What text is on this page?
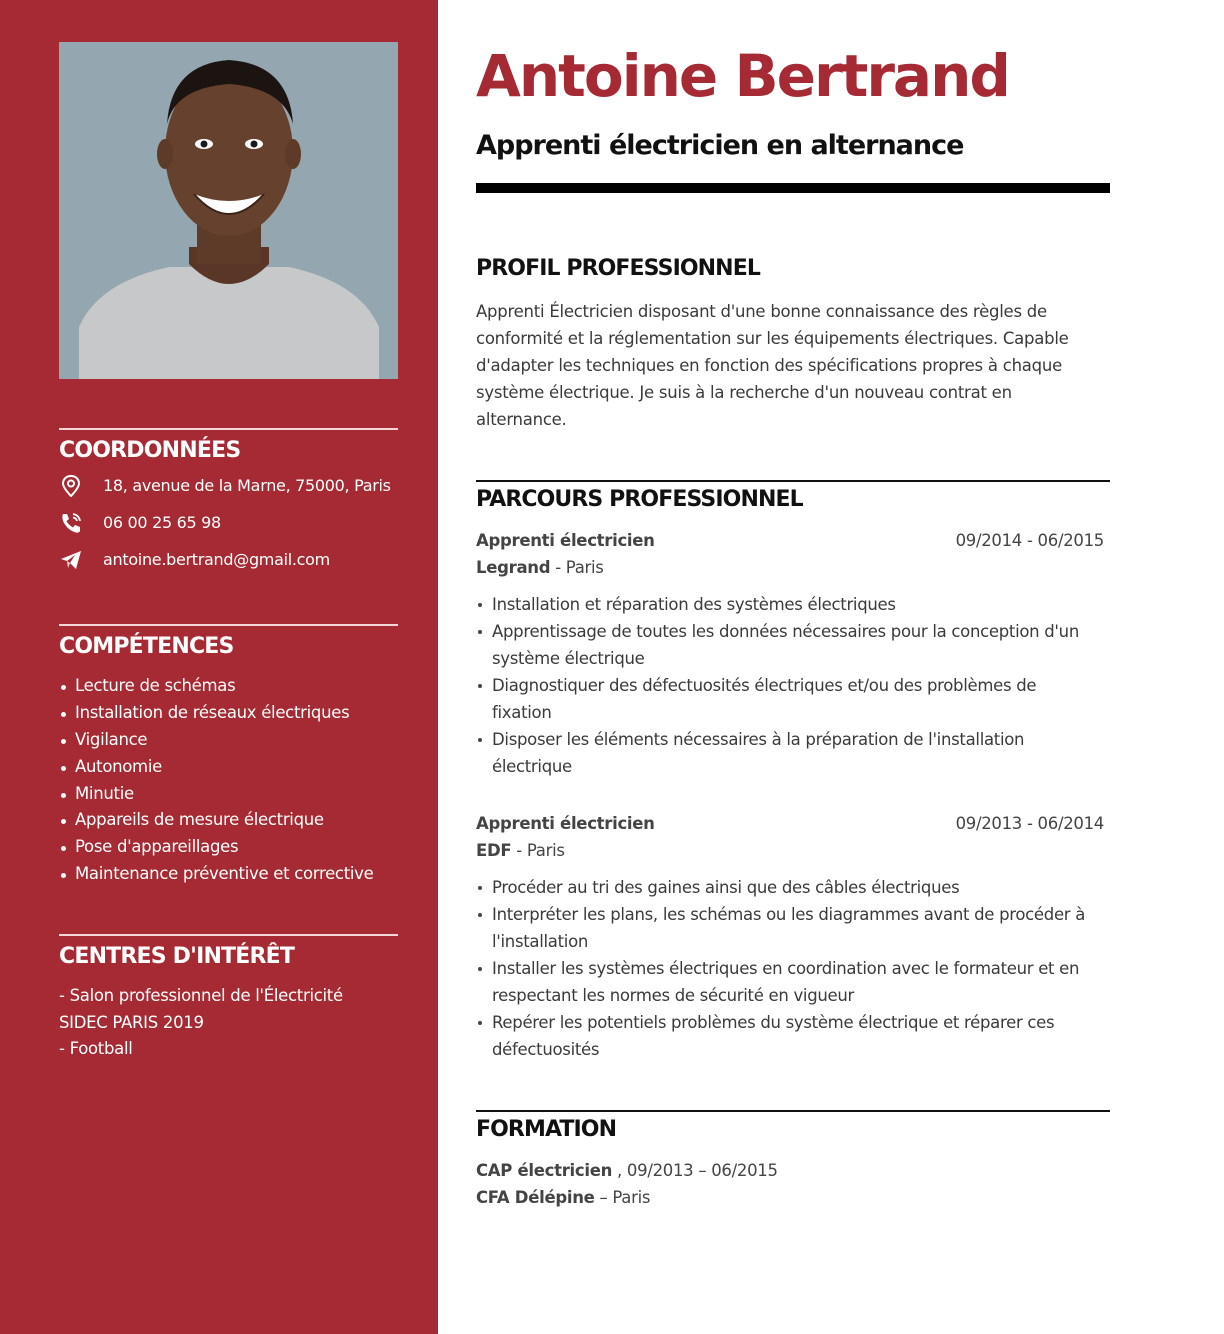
COORDONNÉES
18, avenue de la Marne, 75000, Paris
06 00 25 65 98
antoine.bertrand@gmail.com
COMPÉTENCES
Lecture de schémas
Installation de réseaux électriques
Vigilance
Autonomie
Minutie
Appareils de mesure électrique
Pose d'appareillages
Maintenance préventive et corrective
CENTRES D'INTÉRÊT
- Salon professionnel de l'Électricité
SIDEC PARIS 2019
- Football
Antoine Bertrand
Apprenti électricien en alternance
PROFIL PROFESSIONNEL
Apprenti Électricien disposant d'une bonne connaissance des règles de conformité et la réglementation sur les équipements électriques. Capable d'adapter les techniques en fonction des spécifications propres à chaque système électrique. Je suis à la recherche d'un nouveau contrat en alternance.
PARCOURS PROFESSIONNEL
Apprenti électricien	09/2014 - 06/2015
Legrand - Paris
Installation et réparation des systèmes électriques
Apprentissage de toutes les données nécessaires pour la conception d'un système électrique
Diagnostiquer des défectuosités électriques et/ou des problèmes de fixation
Disposer les éléments nécessaires à la préparation de l'installation électrique
Apprenti électricien	09/2013 - 06/2014
EDF - Paris
Procéder au tri des gaines ainsi que des câbles électriques
Interpréter les plans, les schémas ou les diagrammes avant de procéder à l'installation
Installer les systèmes électriques en coordination avec le formateur et en respectant les normes de sécurité en vigueur
Repérer les potentiels problèmes du système électrique et réparer ces défectuosités
FORMATION
CAP électricien , 09/2013 – 06/2015
CFA Délépine – Paris
